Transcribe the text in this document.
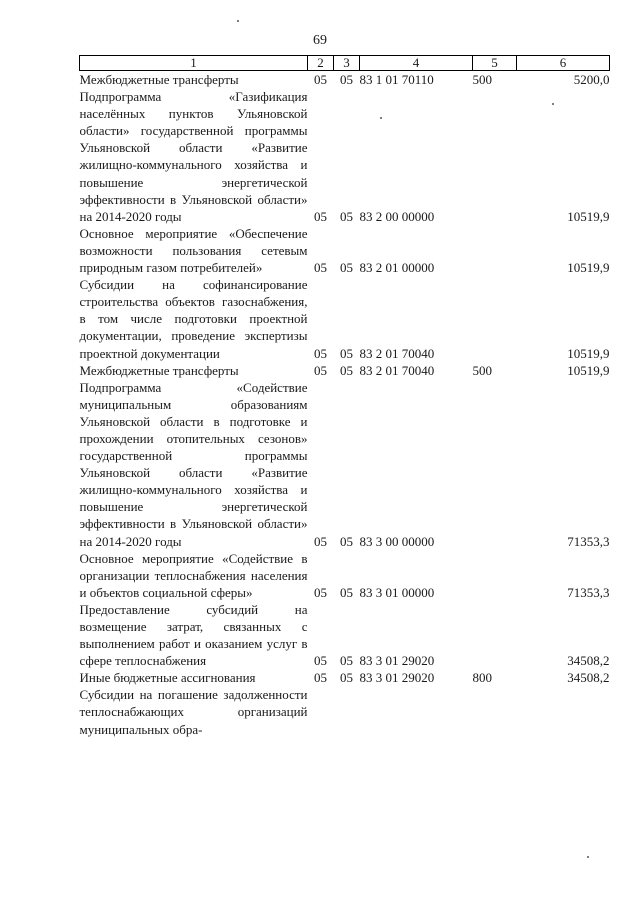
69
1	2	3	4	5	6
Межбюджетные трансферты	05	05	83 1 01 70110	500	5200,0
Подпрограмма «Газификация населённых пунктов Ульяновской области» государственной программы Ульяновской области «Развитие жилищно-коммунального хозяйства и повышение энергетической эффективности в Ульяновской области» на 2014-2020 годы	05	05	83 2 00 00000		10519,9
Основное мероприятие «Обеспечение возможности пользования сетевым природным газом потребителей»	05	05	83 2 01 00000		10519,9
Субсидии на софинансирование строительства объектов газоснабжения, в том числе подготовки проектной документации, проведение экспертизы проектной документации	05	05	83 2 01 70040		10519,9
Межбюджетные трансферты	05	05	83 2 01 70040	500	10519,9
Подпрограмма «Содействие муниципальным образованиям Ульяновской области в подготовке и прохождении отопительных сезонов» государственной программы Ульяновской области «Развитие жилищно-коммунального хозяйства и повышение энергетической эффективности в Ульяновской области» на 2014-2020 годы	05	05	83 3 00 00000		71353,3
Основное мероприятие «Содействие в организации теплоснабжения населения и объектов социальной сферы»	05	05	83 3 01 00000		71353,3
Предоставление субсидий на возмещение затрат, связанных с выполнением работ и оказанием услуг в сфере теплоснабжения	05	05	83 3 01 29020		34508,2
Иные бюджетные ассигнования	05	05	83 3 01 29020	800	34508,2
Субсидии на погашение задолженности теплоснабжающих организаций муниципальных обра-					
